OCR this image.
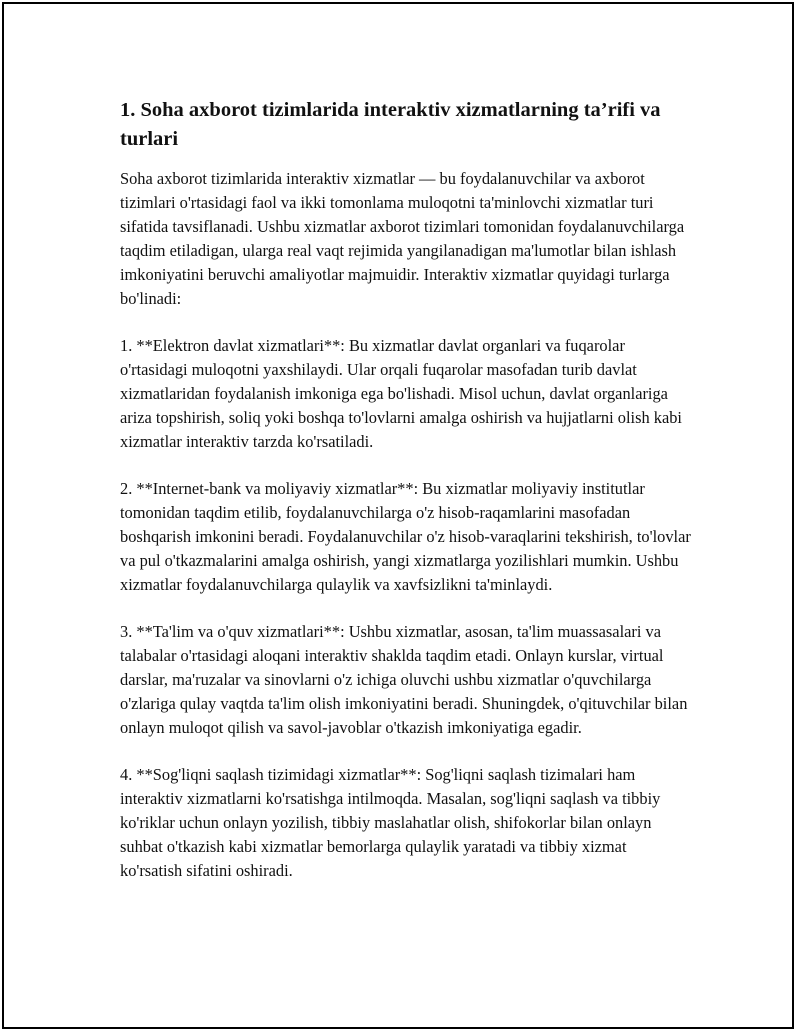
1. Soha axborot tizimlarida interaktiv xizmatlarning ta’rifi va turlari

Soha axborot tizimlarida interaktiv xizmatlar — bu foydalanuvchilar va axborot tizimlari o'rtasidagi faol va ikki tomonlama muloqotni ta'minlovchi xizmatlar turi sifatida tavsiflanadi. Ushbu xizmatlar axborot tizimlari tomonidan foydalanuvchilarga taqdim etiladigan, ularga real vaqt rejimida yangilanadigan ma'lumotlar bilan ishlash imkoniyatini beruvchi amaliyotlar majmuidir. Interaktiv xizmatlar quyidagi turlarga bo'linadi:

1. **Elektron davlat xizmatlari**: Bu xizmatlar davlat organlari va fuqarolar o'rtasidagi muloqotni yaxshilaydi. Ular orqali fuqarolar masofadan turib davlat xizmatlaridan foydalanish imkoniga ega bo'lishadi. Misol uchun, davlat organlariga ariza topshirish, soliq yoki boshqa to'lovlarni amalga oshirish va hujjatlarni olish kabi xizmatlar interaktiv tarzda ko'rsatiladi.

2. **Internet-bank va moliyaviy xizmatlar**: Bu xizmatlar moliyaviy institutlar tomonidan taqdim etilib, foydalanuvchilarga o'z hisob-raqamlarini masofadan boshqarish imkonini beradi. Foydalanuvchilar o'z hisob-varaqlarini tekshirish, to'lovlar va pul o'tkazmalarini amalga oshirish, yangi xizmatlarga yozilishlari mumkin. Ushbu xizmatlar foydalanuvchilarga qulaylik va xavfsizlikni ta'minlaydi.

3. **Ta'lim va o'quv xizmatlari**: Ushbu xizmatlar, asosan, ta'lim muassasalari va talabalar o'rtasidagi aloqani interaktiv shaklda taqdim etadi. Onlayn kurslar, virtual darslar, ma'ruzalar va sinovlarni o'z ichiga oluvchi ushbu xizmatlar o'quvchilarga o'zlariga qulay vaqtda ta'lim olish imkoniyatini beradi. Shuningdek, o'qituvchilar bilan onlayn muloqot qilish va savol-javoblar o'tkazish imkoniyatiga egadir.

4. **Sog'liqni saqlash tizimidagi xizmatlar**: Sog'liqni saqlash tizimalari ham interaktiv xizmatlarni ko'rsatishga intilmoqda. Masalan, sog'liqni saqlash va tibbiy ko'riklar uchun onlayn yozilish, tibbiy maslahatlar olish, shifokorlar bilan onlayn suhbat o'tkazish kabi xizmatlar bemorlarga qulaylik yaratadi va tibbiy xizmat ko'rsatish sifatini oshiradi.
